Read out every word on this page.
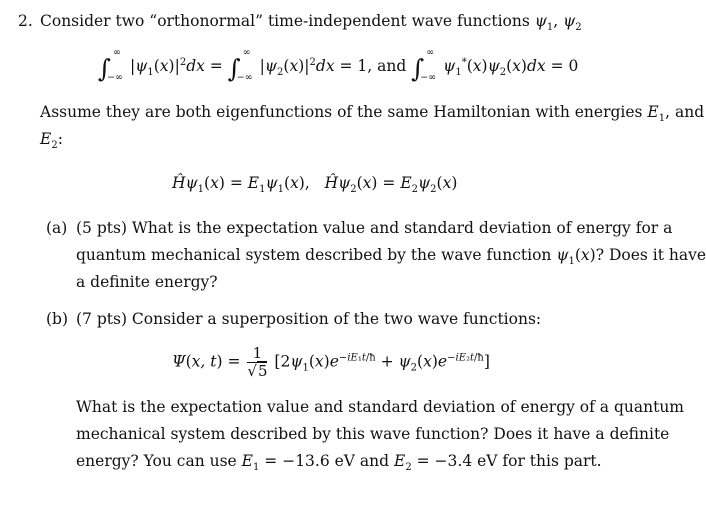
2. Consider two “orthonormal” time-independent wave functions $\psi_1$, $\psi_2$
∫
∞
−∞
$|\psi_1(x)|^2dx$ = ∫
∞
−∞
$|\psi_2(x)|^2dx = 1$, and ∫
∞
−∞
$\psi_1^*(x)\psi_2(x)dx = 0$
Assume they are both eigenfunctions of the same Hamiltonian with energies $E_1$, and
$E_2$:
$Ĥ\psi_1(x) = E_1\psi_1(x)$,   $Ĥ\psi_2(x) = E_2\psi_2(x)$
(a) (5 pts) What is the expectation value and standard deviation of energy for a
quantum mechanical system described by the wave function $\psi_1(x)$? Does it have
a definite energy?
(b) (7 pts) Consider a superposition of the two wave functions:
Ψ(x, $t) = \frac{1}{√5} [2\psi_1(x)e^{-iE_1t/ħ} + \psi_2(x)e^{-iE_2t/ħ}]$
What is the expectation value and standard deviation of energy of a quantum
mechanical system described by this wave function? Does it have a definite
energy? You can use $E_1 = -13.6$ eV and $E_2 = -3.4$ eV for this part.
